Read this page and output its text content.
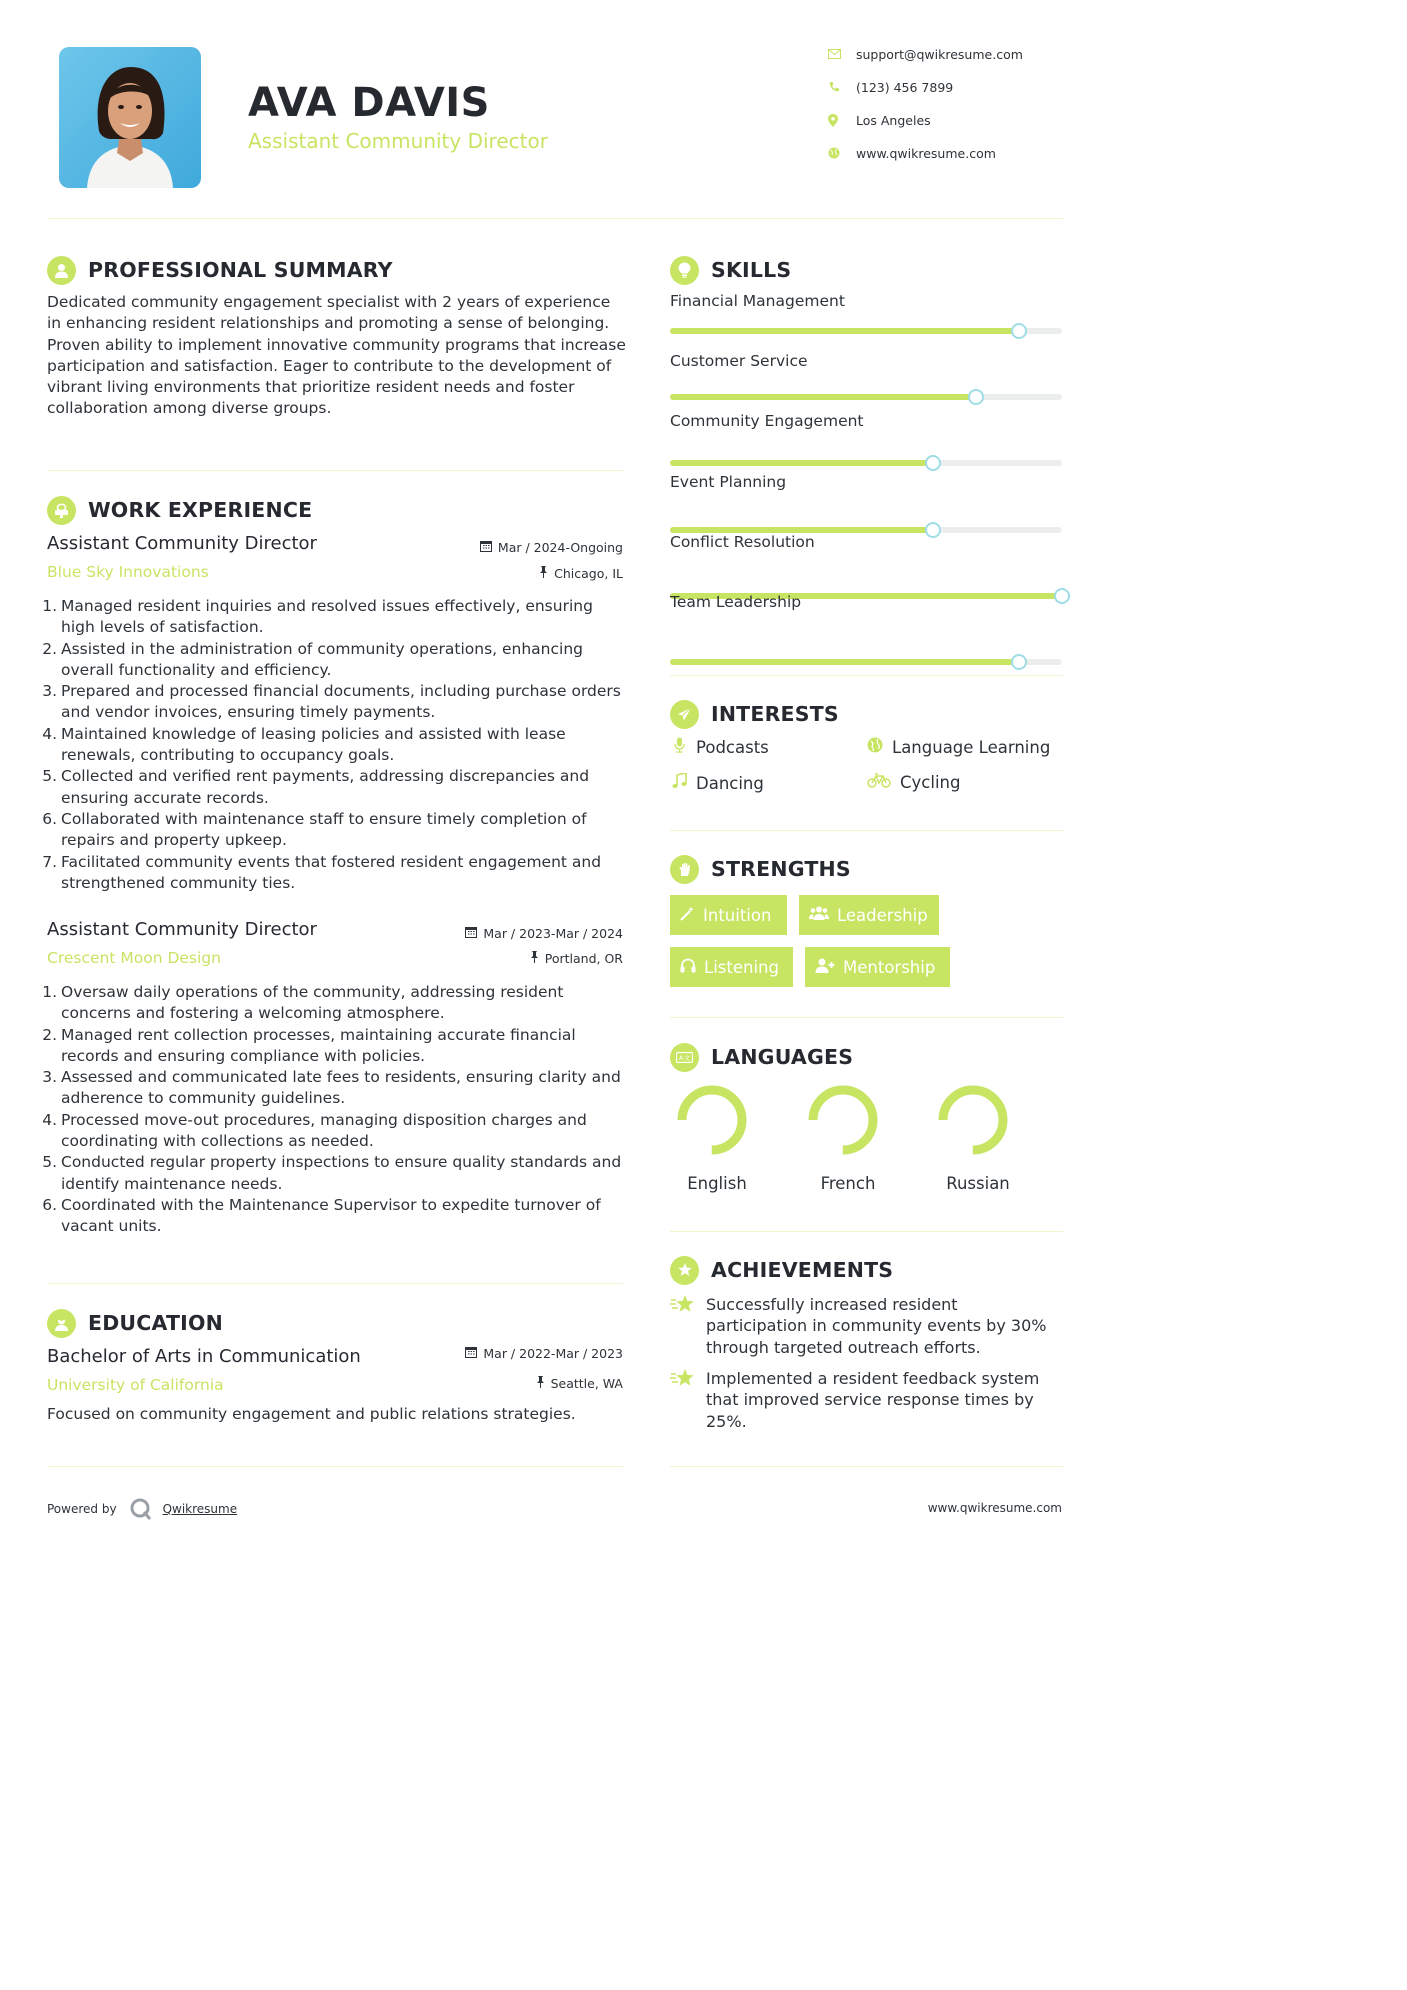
AVA DAVIS
Assistant Community Director
support@qwikresume.com
(123) 456 7899
Los Angeles
www.qwikresume.com
PROFESSIONAL SUMMARY
Dedicated community engagement specialist with 2 years of experience in enhancing resident relationships and promoting a sense of belonging. Proven ability to implement innovative community programs that increase participation and satisfaction. Eager to contribute to the development of vibrant living environments that prioritize resident needs and foster collaboration among diverse groups.
WORK EXPERIENCE
Assistant Community Director	Mar / 2024-Ongoing
Blue Sky Innovations	Chicago, IL
1. Managed resident inquiries and resolved issues effectively, ensuring high levels of satisfaction.
2. Assisted in the administration of community operations, enhancing overall functionality and efficiency.
3. Prepared and processed financial documents, including purchase orders and vendor invoices, ensuring timely payments.
4. Maintained knowledge of leasing policies and assisted with lease renewals, contributing to occupancy goals.
5. Collected and verified rent payments, addressing discrepancies and ensuring accurate records.
6. Collaborated with maintenance staff to ensure timely completion of repairs and property upkeep.
7. Facilitated community events that fostered resident engagement and strengthened community ties.
Assistant Community Director	Mar / 2023-Mar / 2024
Crescent Moon Design	Portland, OR
1. Oversaw daily operations of the community, addressing resident concerns and fostering a welcoming atmosphere.
2. Managed rent collection processes, maintaining accurate financial records and ensuring compliance with policies.
3. Assessed and communicated late fees to residents, ensuring clarity and adherence to community guidelines.
4. Processed move-out procedures, managing disposition charges and coordinating with collections as needed.
5. Conducted regular property inspections to ensure quality standards and identify maintenance needs.
6. Coordinated with the Maintenance Supervisor to expedite turnover of vacant units.
EDUCATION
Bachelor of Arts in Communication	Mar / 2022-Mar / 2023
University of California	Seattle, WA
Focused on community engagement and public relations strategies.
SKILLS
Financial Management
Customer Service
Community Engagement
Event Planning
Conflict Resolution
Team Leadership
INTERESTS
Podcasts	Language Learning
Dancing	Cycling
STRENGTHS
Intuition	Leadership
Listening	Mentorship
A文 LANGUAGES
English	French	Russian
ACHIEVEMENTS
Successfully increased resident participation in community events by 30% through targeted outreach efforts.
Implemented a resident feedback system that improved service response times by 25%.
Powered by	Qwikresume	www.qwikresume.com
